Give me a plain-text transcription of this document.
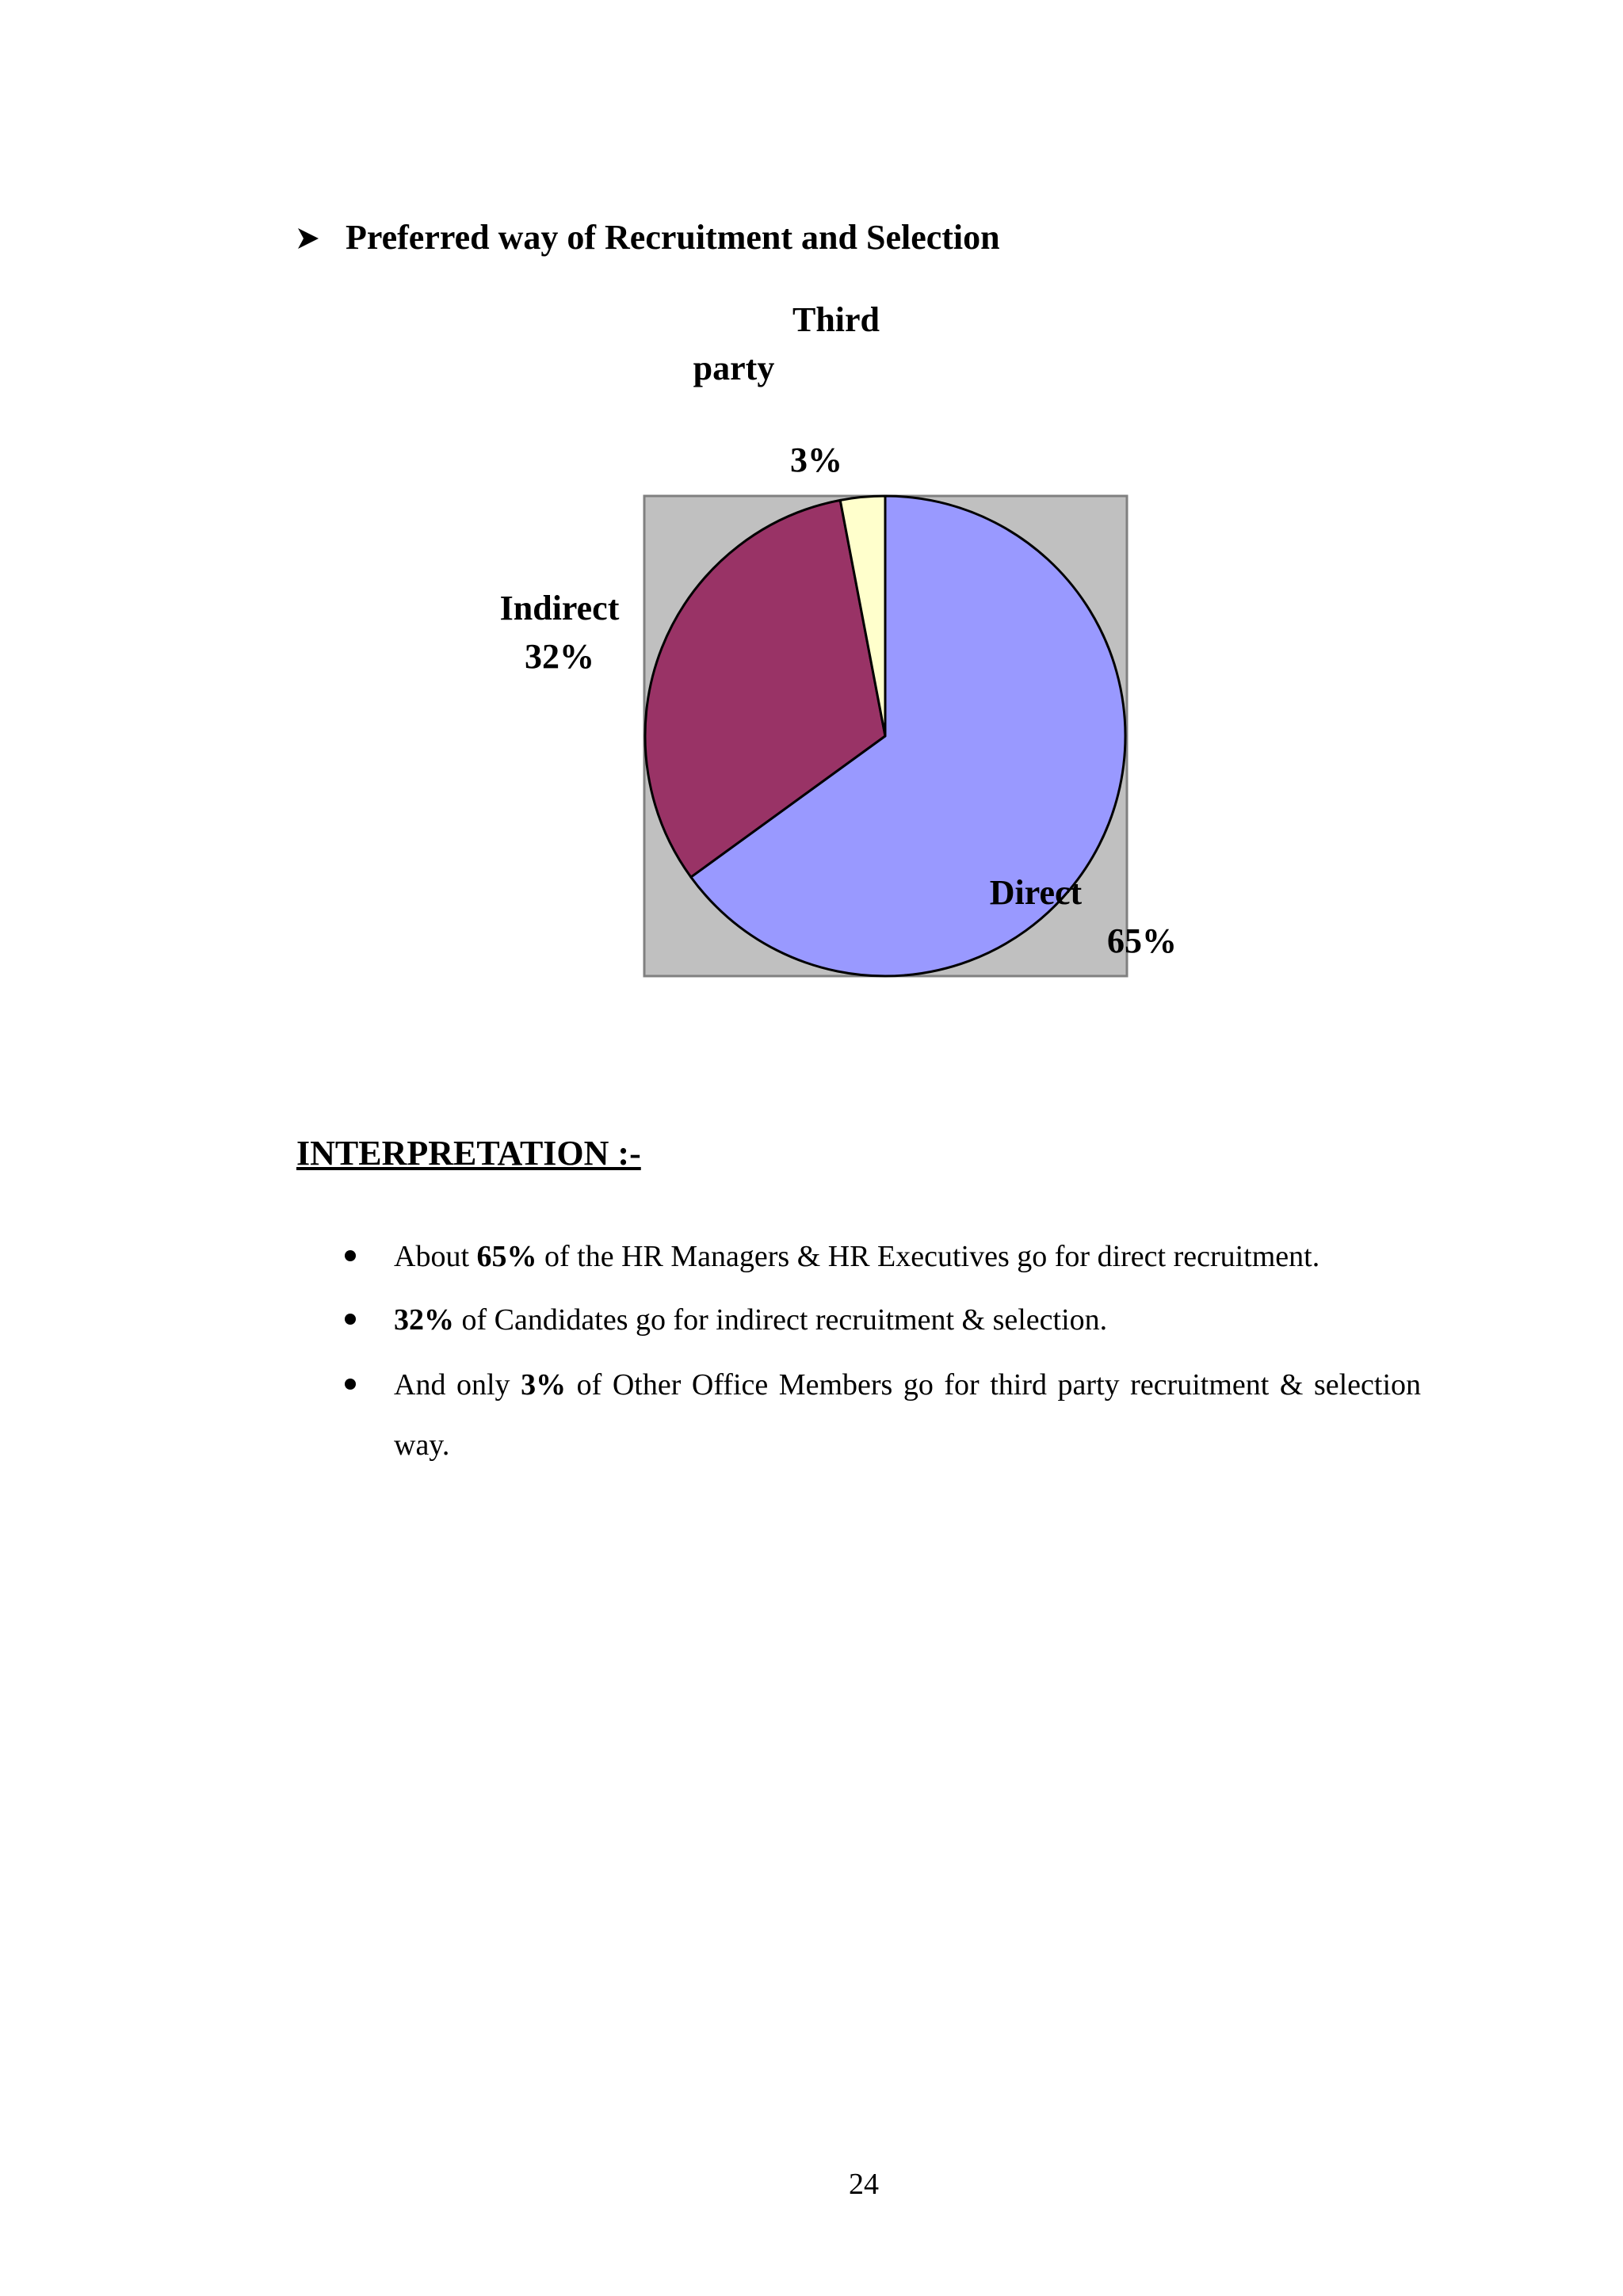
Preferred way of Recruitment and Selection
Third
party
3%
Indirect
32%
Direct
65%
INTERPRETATION :-
About 65% of the HR Managers & HR Executives go for direct recruitment.
32% of Candidates go for indirect recruitment & selection.
And only 3% of Other Office Members go for third party recruitment & selection way.
24
